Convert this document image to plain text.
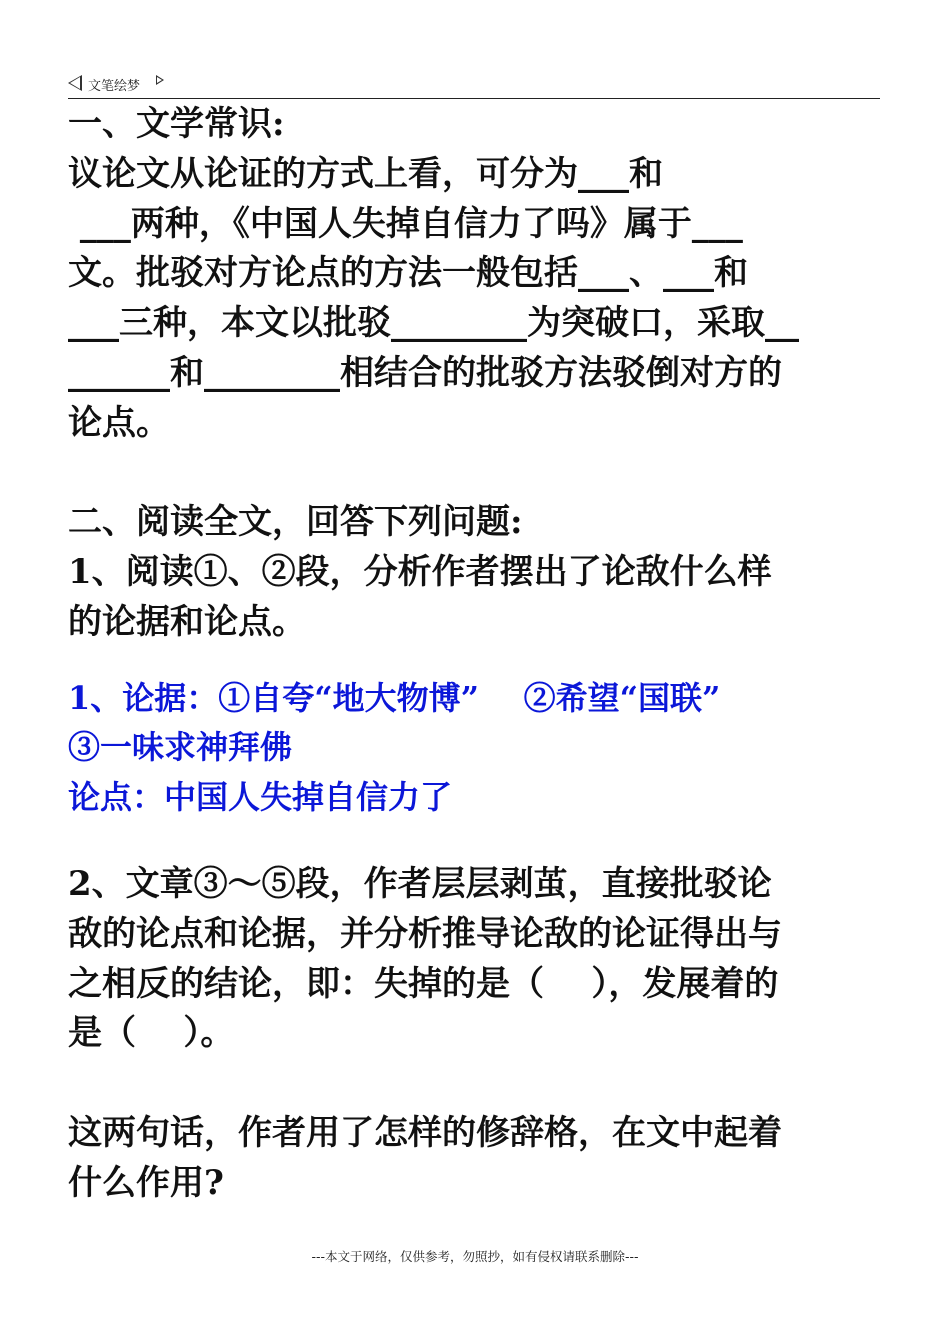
文笔绘梦
一、文学常识:
议论文从论证的方式上看，可分为___和
___两种，《中国人失掉自信力了吗》属于___
文。批驳对方论点的方法一般包括___、___和
___三种，本文以批驳________为突破口，采取__
______和________相结合的批驳方法驳倒对方的
论点。
二、阅读全文，回答下列问题:
1、阅读①、②段，分析作者摆出了论敌什么样
的论据和论点。
1、论据：①自夸“地大物博”    ②希望“国联”
③一味求神拜佛
论点：中国人失掉自信力了
2、文章③～⑤段，作者层层剥茧，直接批驳论
敌的论点和论据，并分析推导论敌的论证得出与
之相反的结论，即：失掉的是（    ），发展着的
是（    ）。
这两句话，作者用了怎样的修辞格，在文中起着
什么作用?
---本文于网络，仅供参考，勿照抄，如有侵权请联系删除---
